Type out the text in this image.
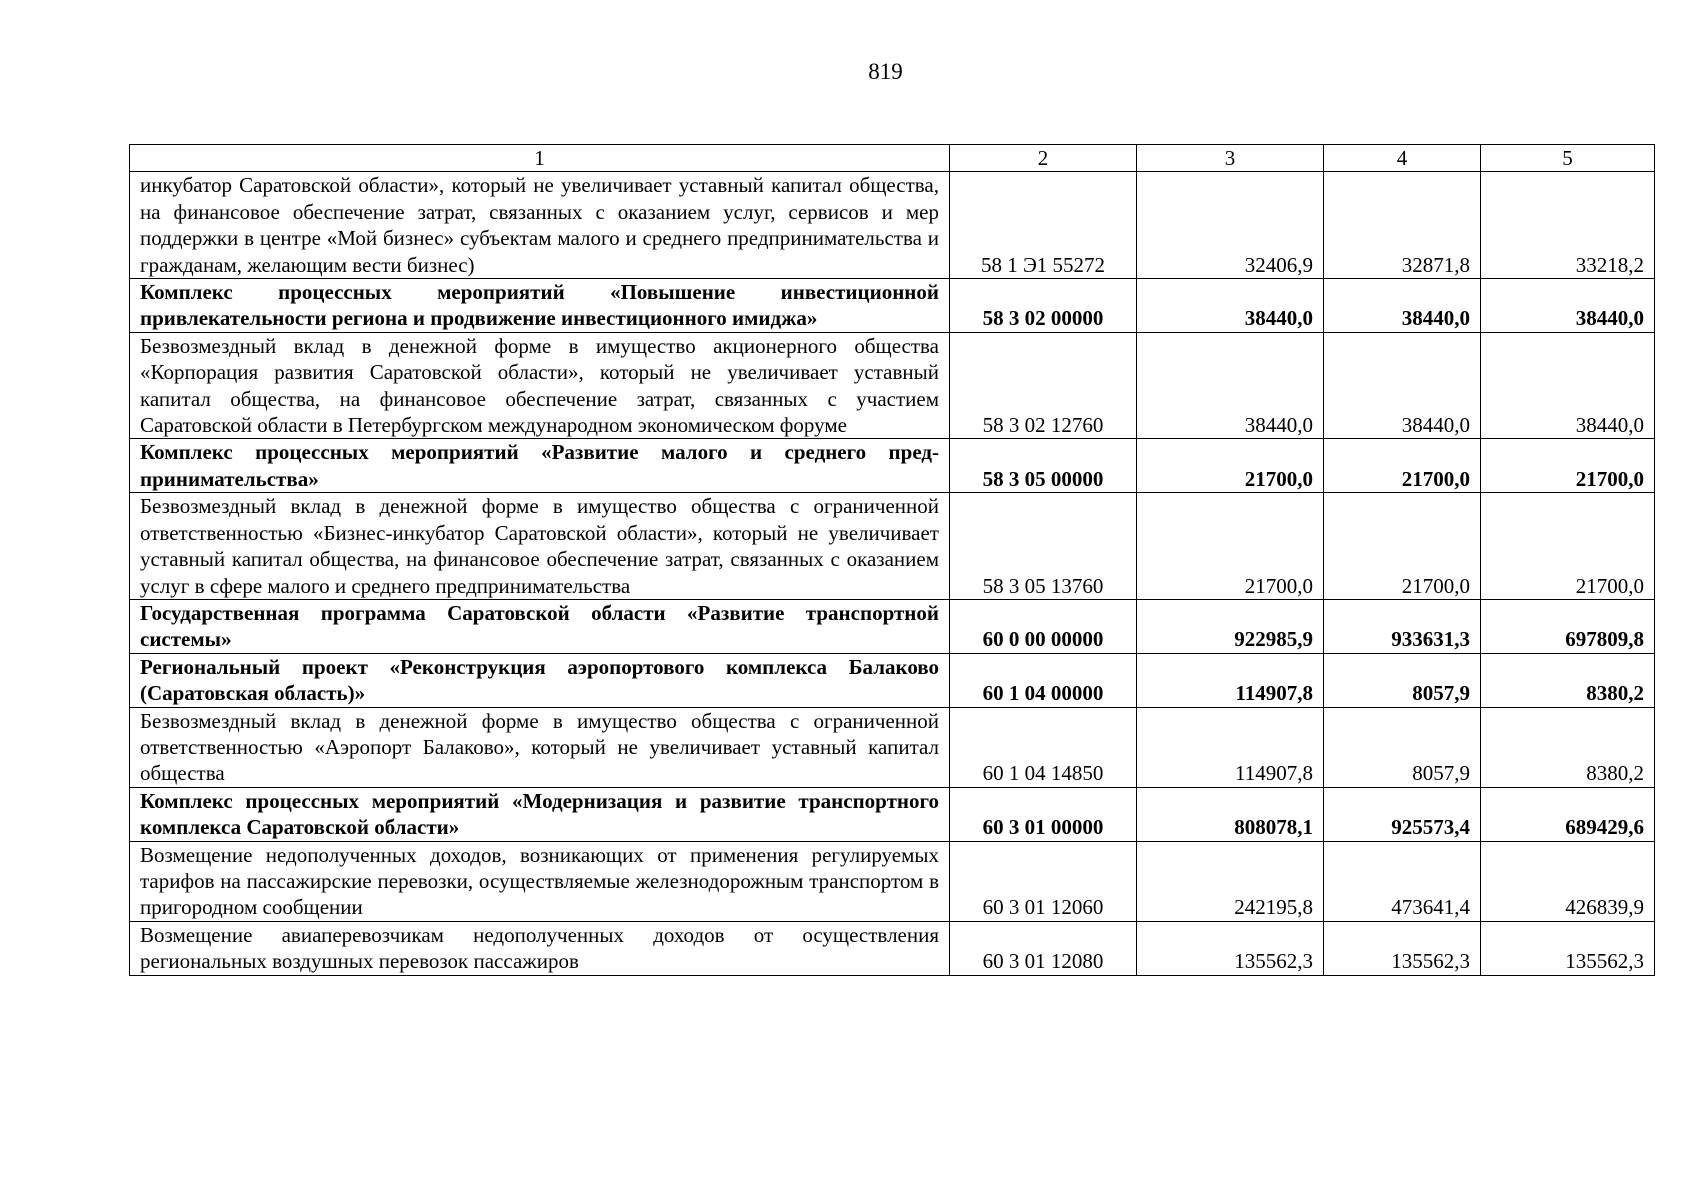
819
1	2	3	4	5
инкубатор Саратовской области», который не увеличивает уставный капитал общества, на финансовое обеспечение затрат, связанных с оказанием услуг, сервисов и мер поддержки в центре «Мой бизнес» субъектам малого и среднего предпринимательства и гражданам, желающим вести бизнес)	58 1 Э1 55272	32406,9	32871,8	33218,2
Комплекс процессных мероприятий «Повышение инвестиционной привлекательности региона и продвижение инвестиционного имиджа»	58 3 02 00000	38440,0	38440,0	38440,0
Безвозмездный вклад в денежной форме в имущество акционерного общества «Корпорация развития Саратовской области», который не увеличивает уставный капитал общества, на финансовое обеспечение затрат, связанных с участием Саратовской области в Петербургском международном экономическом форуме	58 3 02 12760	38440,0	38440,0	38440,0
Комплекс процессных мероприятий «Развитие малого и среднего предпринимательства»	58 3 05 00000	21700,0	21700,0	21700,0
Безвозмездный вклад в денежной форме в имущество общества с ограниченной ответственностью «Бизнес-инкубатор Саратовской области», который не увеличивает уставный капитал общества, на финансовое обеспечение затрат, связанных с оказанием услуг в сфере малого и среднего предпринимательства	58 3 05 13760	21700,0	21700,0	21700,0
Государственная программа Саратовской области «Развитие транспортной системы»	60 0 00 00000	922985,9	933631,3	697809,8
Региональный проект «Реконструкция аэропортового комплекса Балаково (Саратовская область)»	60 1 04 00000	114907,8	8057,9	8380,2
Безвозмездный вклад в денежной форме в имущество общества с ограниченной ответственностью «Аэропорт Балаково», который не увеличивает уставный капитал общества	60 1 04 14850	114907,8	8057,9	8380,2
Комплекс процессных мероприятий «Модернизация и развитие транспортного комплекса Саратовской области»	60 3 01 00000	808078,1	925573,4	689429,6
Возмещение недополученных доходов, возникающих от применения регулируемых тарифов на пассажирские перевозки, осуществляемые железнодорожным транспортом в пригородном сообщении	60 3 01 12060	242195,8	473641,4	426839,9
Возмещение авиаперевозчикам недополученных доходов от осуществления региональных воздушных перевозок пассажиров	60 3 01 12080	135562,3	135562,3	135562,3
